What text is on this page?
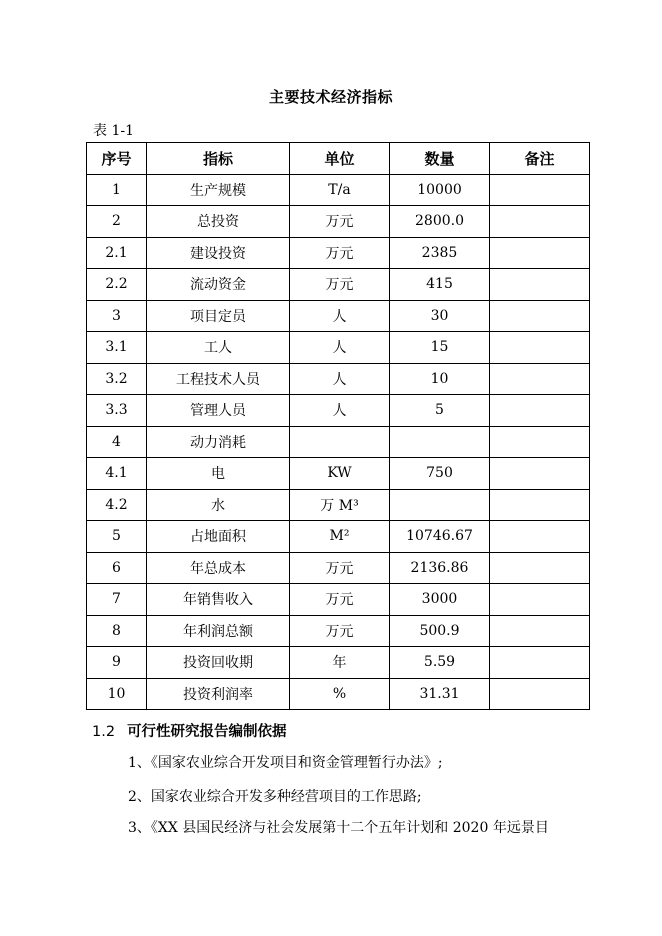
主要技术经济指标
表 1-1
序号	指标	单位	数量	备注
1	生产规模	T/a	10000	
2	总投资	万元	2800.0	
2.1	建设投资	万元	2385	
2.2	流动资金	万元	415	
3	项目定员	人	30	
3.1	工人	人	15	
3.2	工程技术人员	人	10	
3.3	管理人员	人	5	
4	动力消耗			
4.1	电	KW	750	
4.2	水	万 M³		
5	占地面积	M²	10746.67	
6	年总成本	万元	2136.86	
7	年销售收入	万元	3000	
8	年利润总额	万元	500.9	
9	投资回收期	年	5.59	
10	投资利润率	%	31.31	
1.2 可行性研究报告编制依据
1、《国家农业综合开发项目和资金管理暂行办法》;
2、国家农业综合开发多种经营项目的工作思路;
3、《XX 县国民经济与社会发展第十二个五年计划和 2020 年远景目
